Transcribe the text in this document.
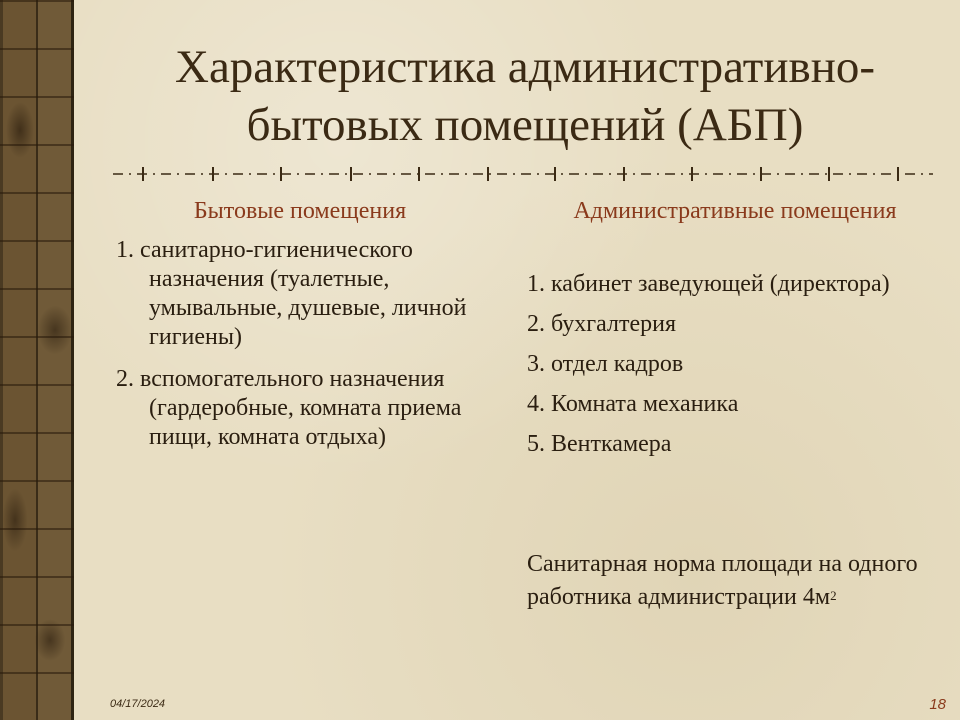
Характеристика административно-бытовых помещений (АБП)
Бытовые помещения
1. санитарно-гигиенического назначения (туалетные, умывальные, душевые, личной гигиены)
2. вспомогательного назначения (гардеробные, комната приема пищи, комната отдыха)
Административные помещения
1. кабинет заведующей (директора)
2. бухгалтерия
3. отдел кадров
4. Комната механика
5. Венткамера
Санитарная норма площади на одного работника администрации $4м^2$
04/17/2024	18
